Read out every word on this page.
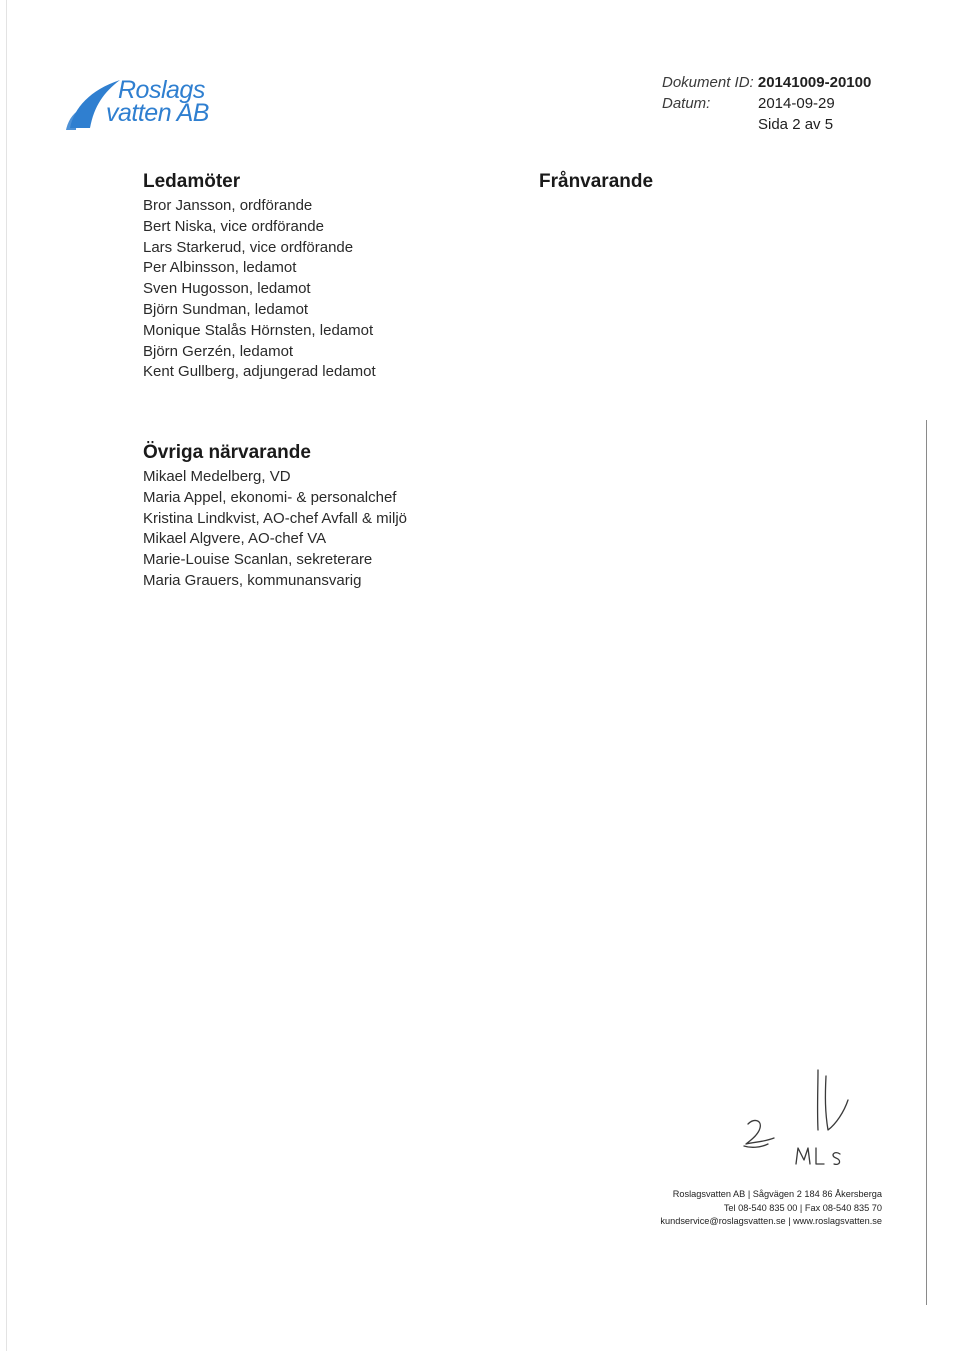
Roslags
vatten AB
Dokument ID: 20141009-20100
Datum:	2014-09-29
Sida 2 av 5
Ledamöter
Bror Jansson, ordförande
Bert Niska, vice ordförande
Lars Starkerud, vice ordförande
Per Albinsson, ledamot
Sven Hugosson, ledamot
Björn Sundman, ledamot
Monique Stalås Hörnsten, ledamot
Björn Gerzén, ledamot
Kent Gullberg, adjungerad ledamot
Frånvarande
Övriga närvarande
Mikael Medelberg, VD
Maria Appel, ekonomi- & personalchef
Kristina Lindkvist, AO-chef Avfall & miljö
Mikael Algvere, AO-chef VA
Marie-Louise Scanlan, sekreterare
Maria Grauers, kommunansvarig
Roslagsvatten AB | Sågvägen 2 184 86 Åkersberga
Tel 08-540 835 00 | Fax 08-540 835 70
kundservice@roslagsvatten.se | www.roslagsvatten.se
